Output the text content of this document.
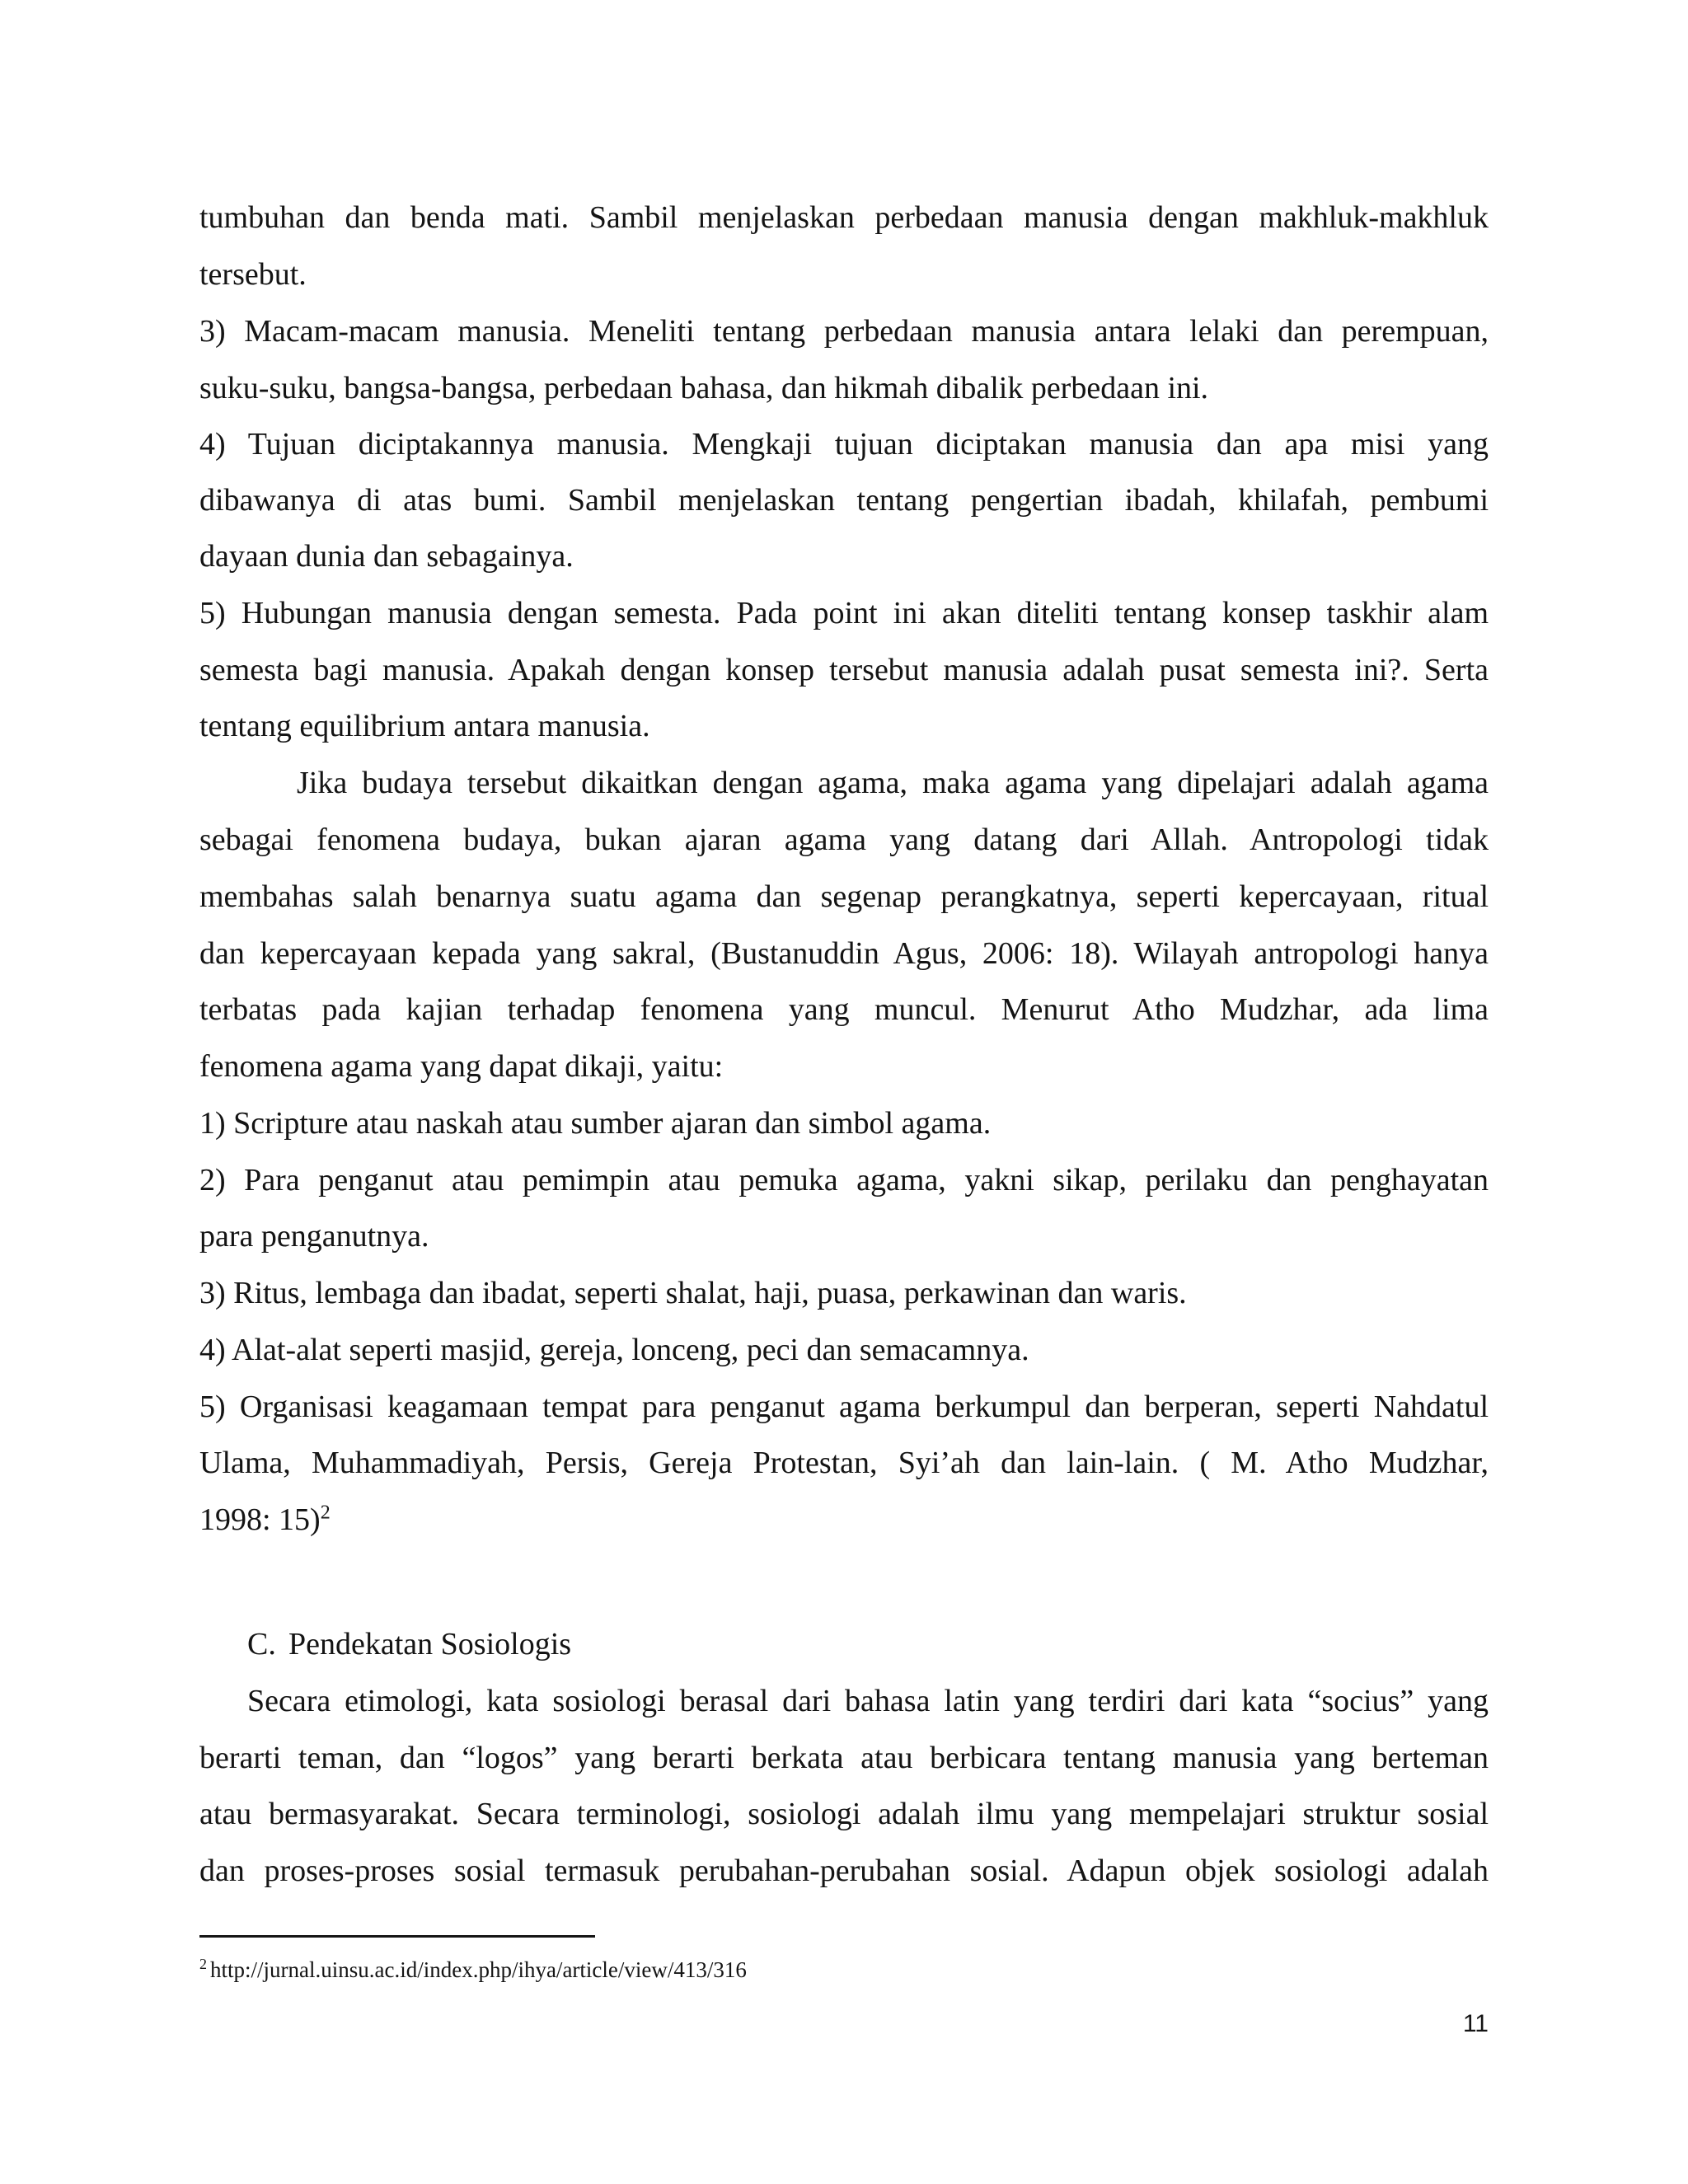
tumbuhan dan benda mati. Sambil menjelaskan perbedaan manusia dengan makhluk-makhluk
tersebut.
3) Macam-macam manusia. Meneliti tentang perbedaan manusia antara lelaki dan perempuan,
suku-suku, bangsa-bangsa, perbedaan bahasa, dan hikmah dibalik perbedaan ini.
4) Tujuan diciptakannya manusia. Mengkaji tujuan diciptakan manusia dan apa misi yang
dibawanya di atas bumi. Sambil menjelaskan tentang pengertian ibadah, khilafah, pembumi
dayaan dunia dan sebagainya.
5) Hubungan manusia dengan semesta. Pada point ini akan diteliti tentang konsep taskhir alam
semesta bagi manusia. Apakah dengan konsep tersebut manusia adalah pusat semesta ini?. Serta
tentang equilibrium antara manusia.
Jika budaya tersebut dikaitkan dengan agama, maka agama yang dipelajari adalah agama
sebagai fenomena budaya, bukan ajaran agama yang datang dari Allah. Antropologi tidak
membahas salah benarnya suatu agama dan segenap perangkatnya, seperti kepercayaan, ritual
dan kepercayaan kepada yang sakral, (Bustanuddin Agus, 2006: 18). Wilayah antropologi hanya
terbatas pada kajian terhadap fenomena yang muncul. Menurut Atho Mudzhar, ada lima
fenomena agama yang dapat dikaji, yaitu:
1) Scripture atau naskah atau sumber ajaran dan simbol agama.
2) Para penganut atau pemimpin atau pemuka agama, yakni sikap, perilaku dan penghayatan
para penganutnya.
3) Ritus, lembaga dan ibadat, seperti shalat, haji, puasa, perkawinan dan waris.
4) Alat-alat seperti masjid, gereja, lonceng, peci dan semacamnya.
5) Organisasi keagamaan tempat para penganut agama berkumpul dan berperan, seperti Nahdatul
Ulama, Muhammadiyah, Persis, Gereja Protestan, Syi’ah dan lain-lain. ( M. Atho Mudzhar,
1998: 15)$^2$
C. Pendekatan Sosiologis
Secara etimologi, kata sosiologi berasal dari bahasa latin yang terdiri dari kata “socius” yang
berarti teman, dan “logos” yang berarti berkata atau berbicara tentang manusia yang berteman
atau bermasyarakat. Secara terminologi, sosiologi adalah ilmu yang mempelajari struktur sosial
dan proses-proses sosial termasuk perubahan-perubahan sosial. Adapun objek sosiologi adalah
$^2$ http://jurnal.uinsu.ac.id/index.php/ihya/article/view/413/316
11
